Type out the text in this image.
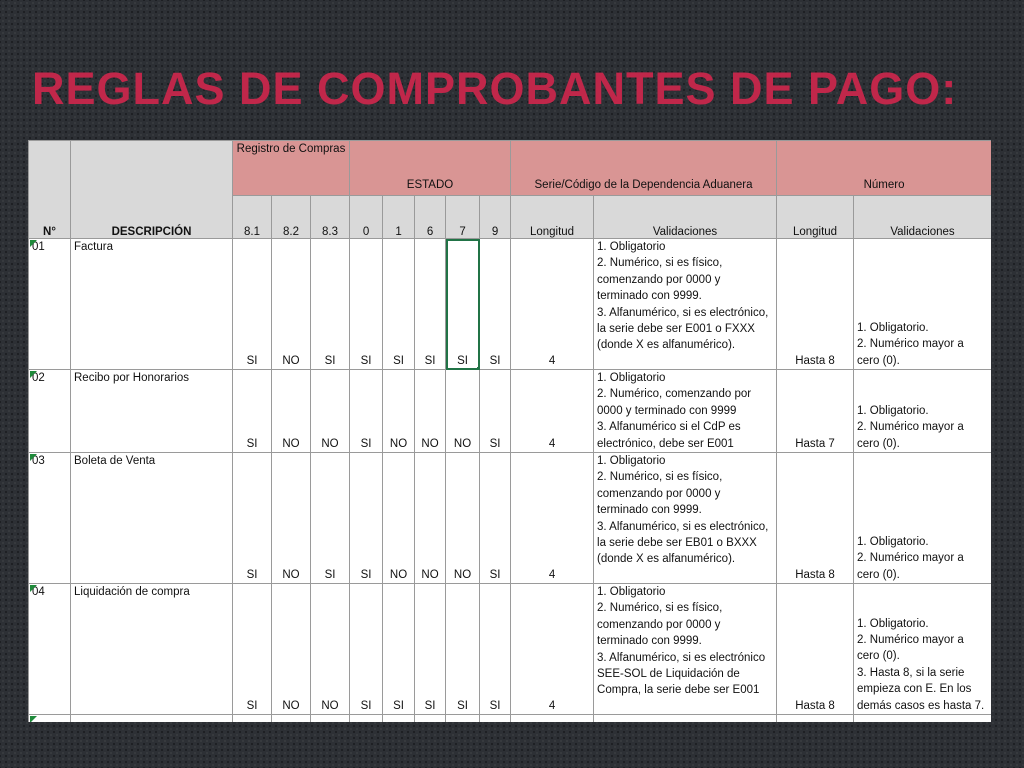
REGLAS DE COMPROBANTES DE PAGO:
N°	DESCRIPCIÓN	Registro de Compras			ESTADO					Serie/Código de la Dependencia Aduanera		Número	
		8.1	8.2	8.3	0	1	6	7	9	Longitud	Validaciones	Longitud	Validaciones
01	Factura	SI	NO	SI	SI	SI	SI	SI	SI	4	1. Obligatorio
2. Numérico, si es físico, comenzando por 0000 y terminado con 9999.
3. Alfanumérico, si es electrónico, la serie debe ser E001 o FXXX (donde X es alfanumérico).	Hasta 8	1. Obligatorio.
2. Numérico mayor a cero (0).
02	Recibo por Honorarios	SI	NO	NO	SI	NO	NO	NO	SI	4	1. Obligatorio
2. Numérico, comenzando por 0000 y terminado con 9999
3. Alfanumérico si el CdP es electrónico, debe ser E001	Hasta 7	1. Obligatorio.
2. Numérico mayor a cero (0).
03	Boleta de Venta	SI	NO	SI	SI	NO	NO	NO	SI	4	1. Obligatorio
2. Numérico, si es físico, comenzando por 0000 y terminado con 9999.
3. Alfanumérico, si es electrónico, la serie debe ser EB01 o BXXX (donde X es alfanumérico).	Hasta 8	1. Obligatorio.
2. Numérico mayor a cero (0).
04	Liquidación de compra	SI	NO	NO	SI	SI	SI	SI	SI	4	1. Obligatorio
2. Numérico, si es físico, comenzando por 0000 y terminado con 9999.
3. Alfanumérico, si es electrónico SEE-SOL de Liquidación de Compra, la serie debe ser E001	Hasta 8	1. Obligatorio.
2. Numérico mayor a cero (0).
3. Hasta 8, si la serie empieza con E. En los demás casos es hasta 7.
